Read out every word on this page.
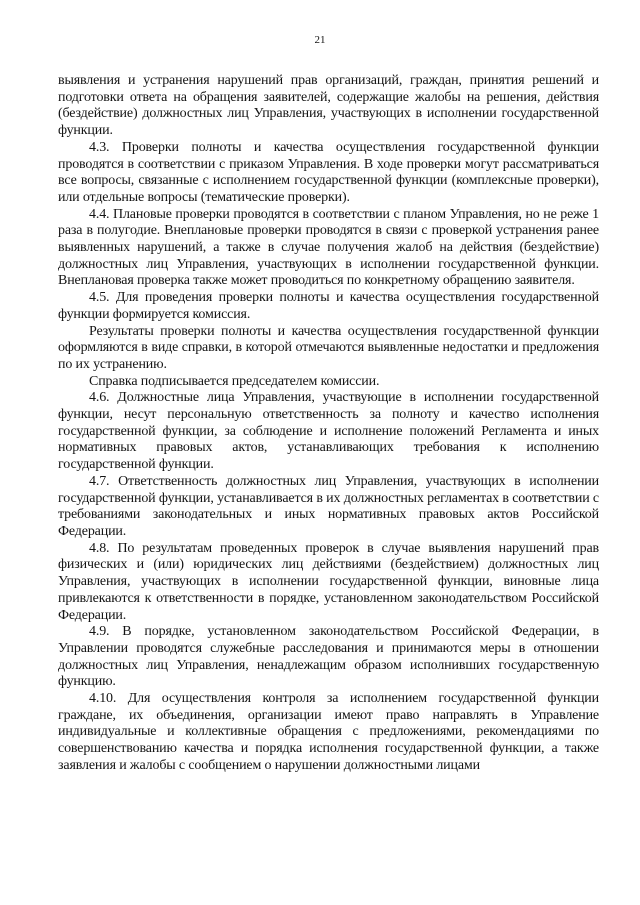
21

выявления и устранения нарушений прав организаций, граждан, принятия решений и подготовки ответа на обращения заявителей, содержащие жалобы на решения, действия (бездействие) должностных лиц Управления, участвующих в исполнении государственной функции.

4.3. Проверки полноты и качества осуществления государственной функции проводятся в соответствии с приказом Управления. В ходе проверки могут рассматриваться все вопросы, связанные с исполнением государственной функции (комплексные проверки), или отдельные вопросы (тематические проверки).

4.4. Плановые проверки проводятся в соответствии с планом Управления, но не реже 1 раза в полугодие. Внеплановые проверки проводятся в связи с проверкой устранения ранее выявленных нарушений, а также в случае получения жалоб на действия (бездействие) должностных лиц Управления, участвующих в исполнении государственной функции. Внеплановая проверка также может проводиться по конкретному обращению заявителя.

4.5. Для проведения проверки полноты и качества осуществления государственной функции формируется комиссия.

Результаты проверки полноты и качества осуществления государственной функции оформляются в виде справки, в которой отмечаются выявленные недостатки и предложения по их устранению.

Справка подписывается председателем комиссии.

4.6. Должностные лица Управления, участвующие в исполнении государственной функции, несут персональную ответственность за полноту и качество исполнения государственной функции, за соблюдение и исполнение положений Регламента и иных нормативных правовых актов, устанавливающих требования к исполнению государственной функции.

4.7. Ответственность должностных лиц Управления, участвующих в исполнении государственной функции, устанавливается в их должностных регламентах в соответствии с требованиями законодательных и иных нормативных правовых актов Российской Федерации.

4.8. По результатам проведенных проверок в случае выявления нарушений прав физических и (или) юридических лиц действиями (бездействием) должностных лиц Управления, участвующих в исполнении государственной функции, виновные лица привлекаются к ответственности в порядке, установленном законодательством Российской Федерации.

4.9. В порядке, установленном законодательством Российской Федерации, в Управлении проводятся служебные расследования и принимаются меры в отношении должностных лиц Управления, ненадлежащим образом исполнивших государственную функцию.

4.10. Для осуществления контроля за исполнением государственной функции граждане, их объединения, организации имеют право направлять в Управление индивидуальные и коллективные обращения с предложениями, рекомендациями по совершенствованию качества и порядка исполнения государственной функции, а также заявления и жалобы с сообщением о нарушении должностными лицами
